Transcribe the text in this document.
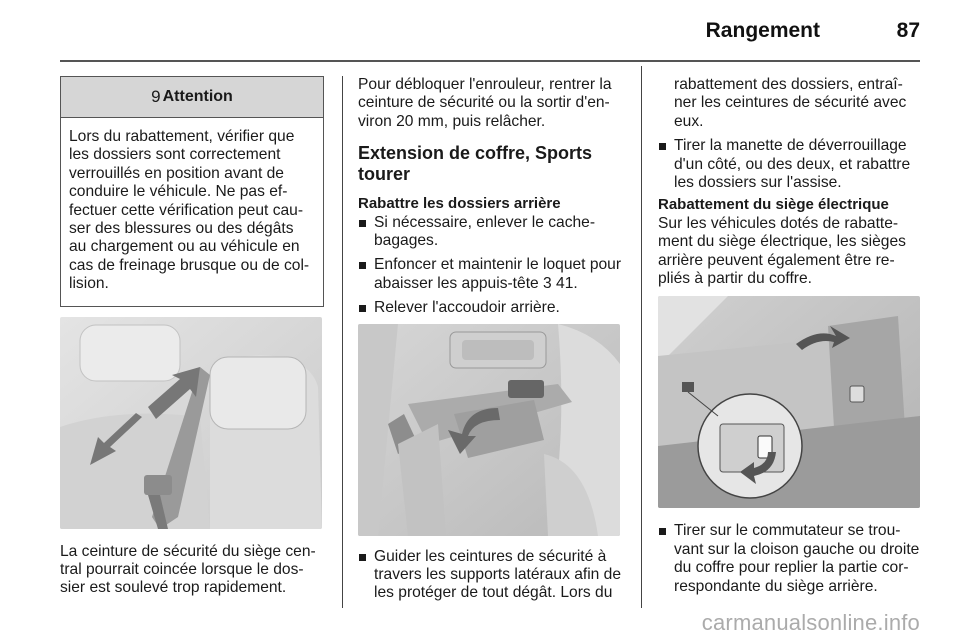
Rangement	87
9 Attention

Lors du rabattement, vérifier que

les dossiers sont correctement

verrouillés en position avant de

conduire le véhicule. Ne pas ef-

fectuer cette vérification peut cau-

ser des blessures ou des dégâts

au chargement ou au véhicule en

cas de freinage brusque ou de col-

lision.

La ceinture de sécurité du siège cen-

tral pourrait coincée lorsque le dos-

sier est soulevé trop rapidement.

Pour débloquer l'enrouleur, rentrer la

ceinture de sécurité ou la sortir d'en-

viron 20 mm, puis relâcher.

Extension de coffre, Sports

tourer

Rabattre les dossiers arrière

Si nécessaire, enlever le cache-

bagages.

Enfoncer et maintenir le loquet pour

abaisser les appuis-tête 3 41.

Relever l'accoudoir arrière.

Guider les ceintures de sécurité à

travers les supports latéraux afin de

les protéger de tout dégât. Lors du

rabattement des dossiers, entraî-

ner les ceintures de sécurité avec

eux.

Tirer la manette de déverrouillage

d'un côté, ou des deux, et rabattre

les dossiers sur l'assise.

Rabattement du siège électrique

Sur les véhicules dotés de rabatte-

ment du siège électrique, les sièges

arrière peuvent également être re-

pliés à partir du coffre.

Tirer sur le commutateur se trou-

vant sur la cloison gauche ou droite

du coffre pour replier la partie cor-

respondante du siège arrière.

carmanualsonline.info
